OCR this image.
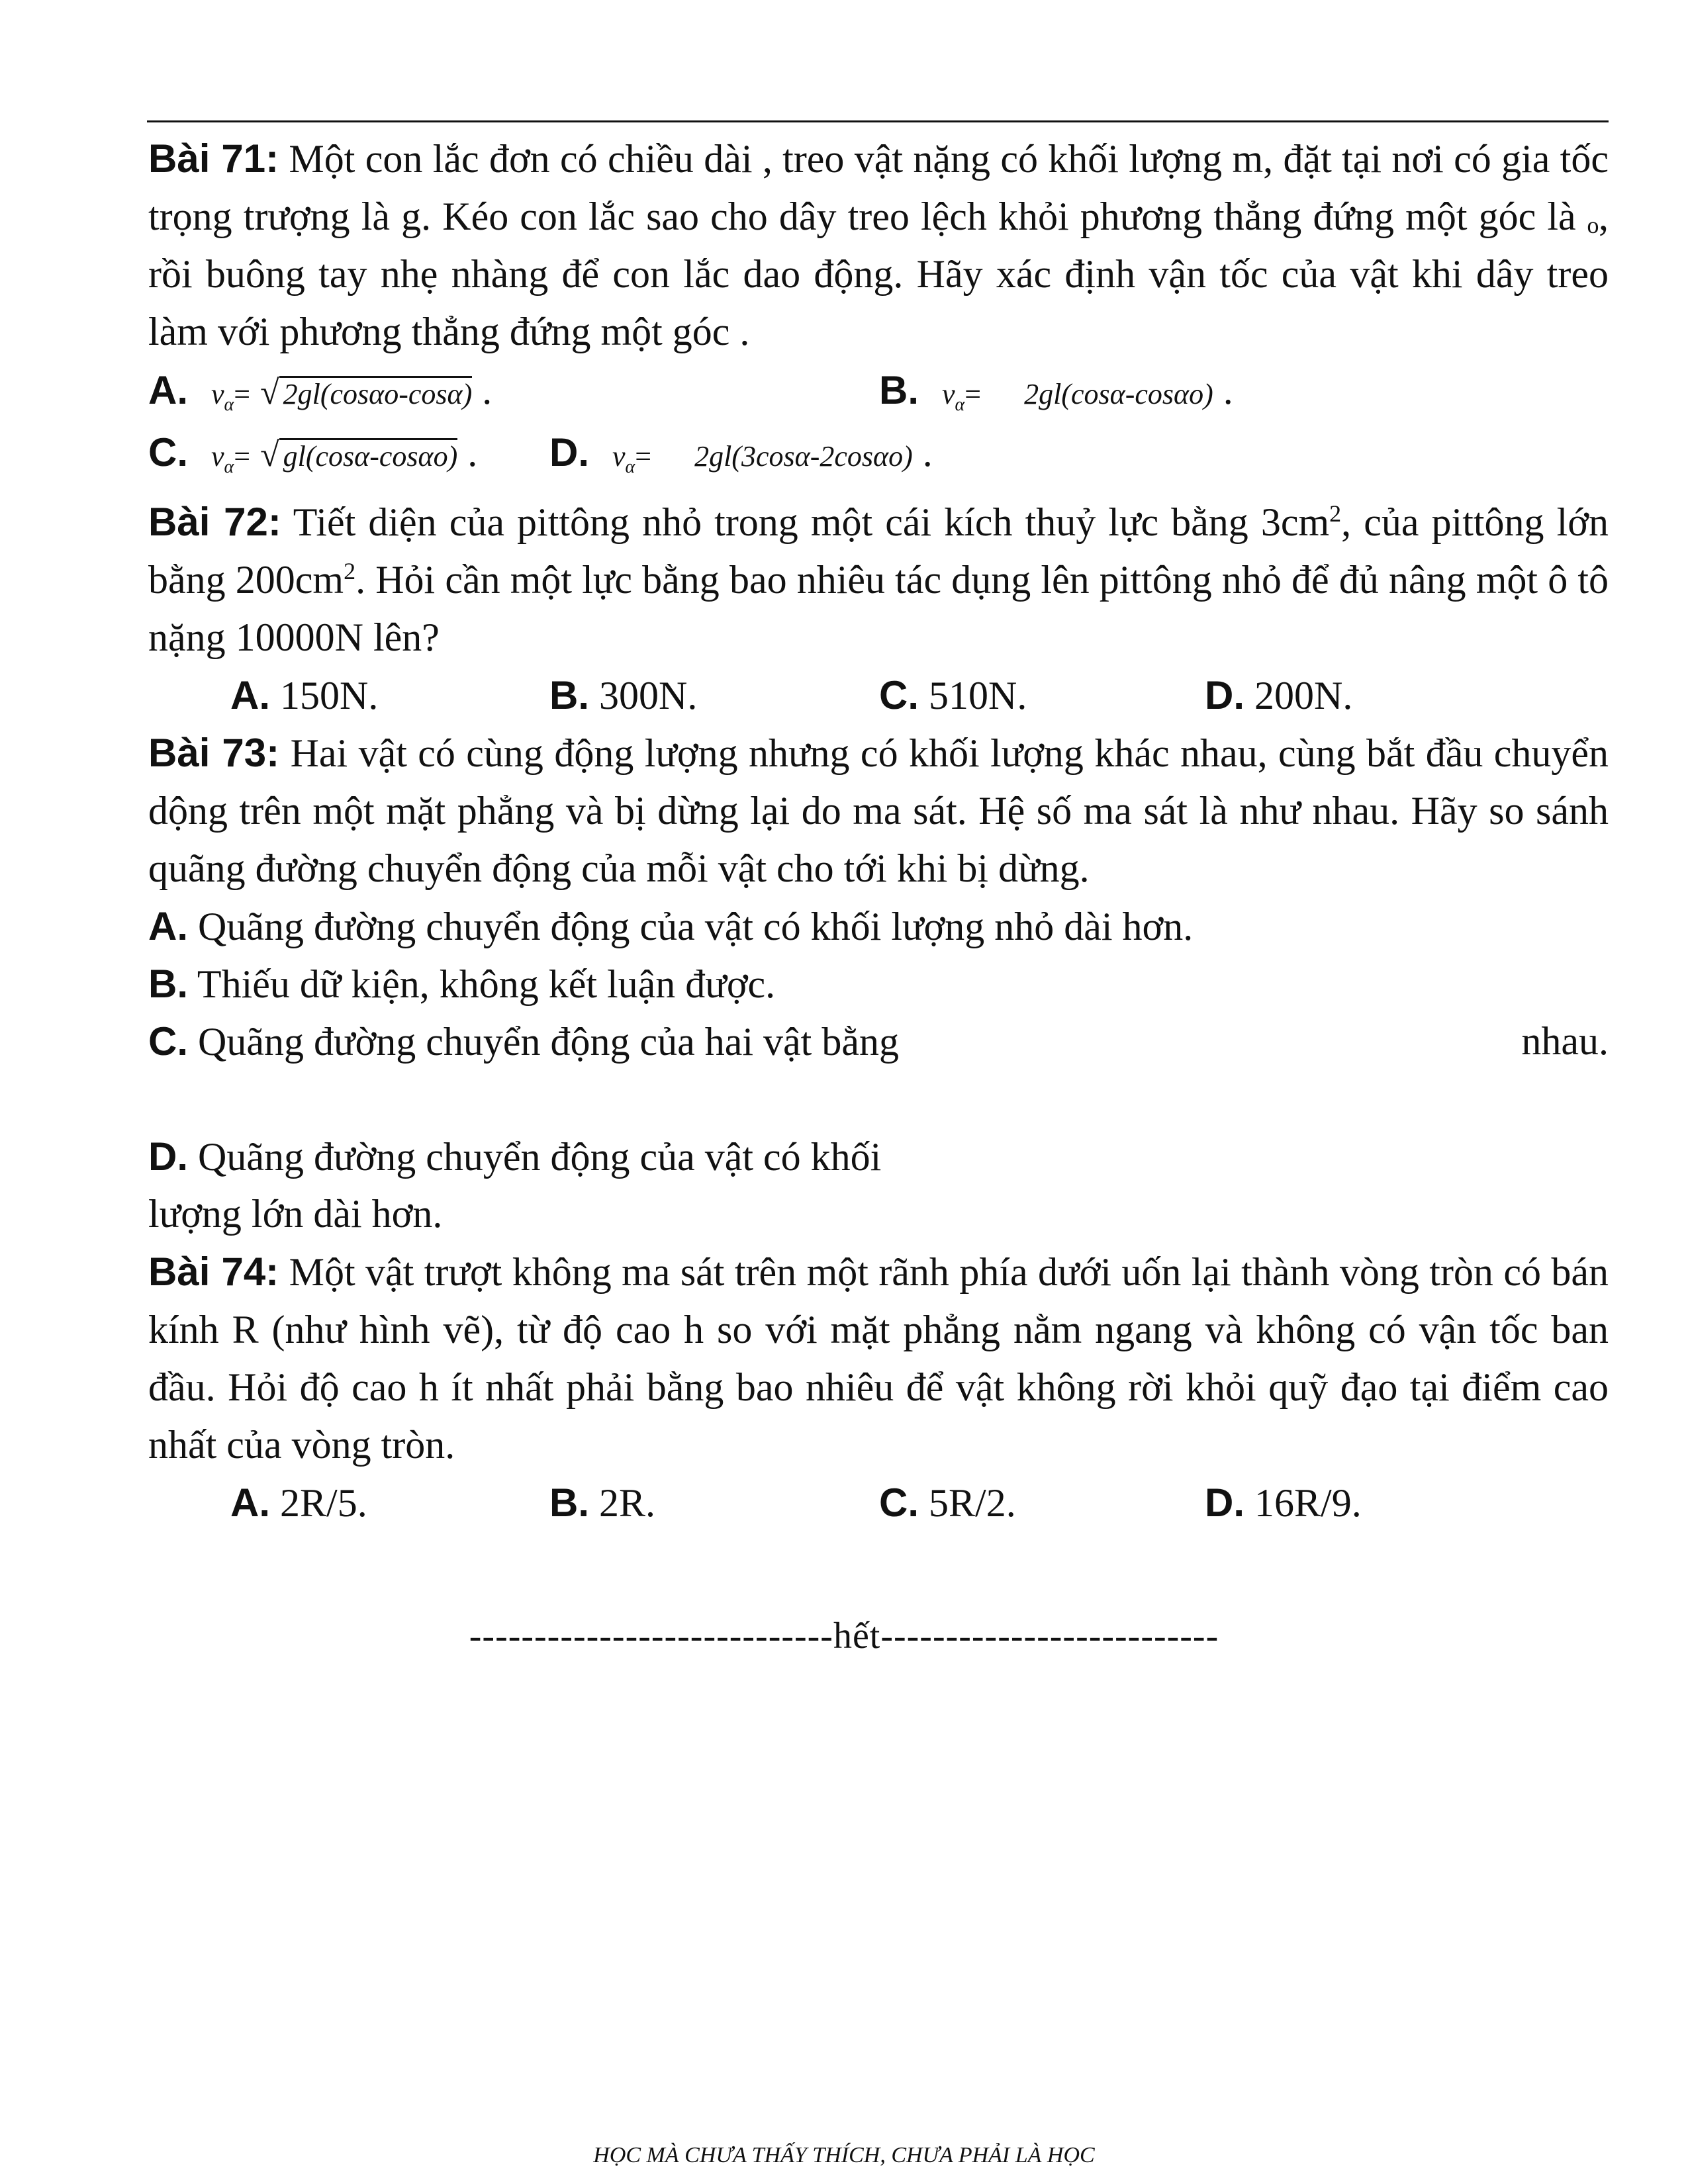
Bài 71: Một con lắc đơn có chiều dài , treo vật nặng có khối lượng m, đặt tại nơi có gia tốc trọng trượng là g. Kéo con lắc sao cho dây treo lệch khỏi phương thẳng đứng một góc là ₒ, rồi buông tay nhẹ nhàng để con lắc dao động. Hãy xác định vận tốc của vật khi dây treo làm với phương thẳng đứng một góc .

A. $v_\alpha=$ √ 2gl(cosαo-cosα) .	B. $v_\alpha= 2gl(\cos\alpha-\cos\alpha o)$ .
C. $v_\alpha=$ √ gl(cosα-cosαo) . D. $v_\alpha= 2gl(3\cos\alpha-2\cos\alpha o)$ .

Bài 72: Tiết diện của pittông nhỏ trong một cái kích thuỷ lực bằng $3cm^2$, của pittông lớn bằng $200cm^2$. Hỏi cần một lực bằng bao nhiêu tác dụng lên pittông nhỏ để đủ nâng một ô tô nặng 10000N lên?

A. 150N.	B. 300N.	C. 510N.	D. 200N.

Bài 73: Hai vật có cùng động lượng nhưng có khối lượng khác nhau, cùng bắt đầu chuyển dộng trên một mặt phẳng và bị dừng lại do ma sát. Hệ số ma sát là như nhau. Hãy so sánh quãng đường chuyển động của mỗi vật cho tới khi bị dừng.

A. Quãng đường chuyển động của vật có khối lượng nhỏ dài hơn.
B. Thiếu dữ kiện, không kết luận được.
C. Quãng đường chuyển động của hai vật bằng	nhau.
D. Quãng đường chuyển động của vật có khối
lượng lớn dài hơn.

Bài 74: Một vật trượt không ma sát trên một rãnh phía dưới uốn lại thành vòng tròn có bán kính R (như hình vẽ), từ độ cao h so với mặt phẳng nằm ngang và không có vận tốc ban đầu. Hỏi độ cao h ít nhất phải bằng bao nhiêu để vật không rời khỏi quỹ đạo tại điểm cao nhất của vòng tròn.

A. 2R/5.	B. 2R.	C. 5R/2.	D. 16R/9.
----------------------------hết--------------------------
HỌC MÀ CHƯA THẤY THÍCH, CHƯA PHẢI LÀ HỌC
